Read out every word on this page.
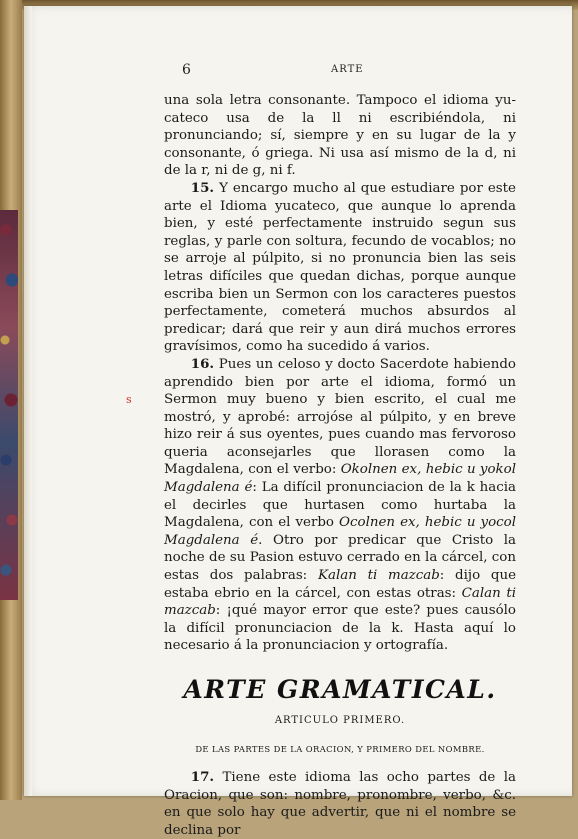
6	ARTE
s

una sola letra consonante. Tampoco el idioma yucateco usa de la ll ni escribiéndola, ni pronunciando; sí, siempre y en su lugar de la y consonante, ó griega. Ni usa así mismo de la d, ni de la r, ni de g, ni f.

15. Y encargo mucho al que estudiare por este arte el Idioma yucateco, que aunque lo aprenda bien, y esté perfectamente instruido segun sus reglas, y parle con soltura, fecundo de vocablos; no se arroje al púlpito, si no pronuncia bien las seis letras difíciles que quedan dichas, porque aunque escriba bien un Sermon con los caracteres puestos perfectamente, cometerá muchos absurdos al predicar; dará que reir y aun dirá muchos errores gravísimos, como ha sucedido á varios.

16. Pues un celoso y docto Sacerdote habiendo aprendido bien por arte el idioma, formó un Sermon muy bueno y bien escrito, el cual me mostró, y aprobé: arrojóse al púlpito, y en breve hizo reir á sus oyentes, pues cuando mas fervoroso queria aconsejarles que llorasen como la Magdalena, con el verbo: Okolnen ex, hebic u yokol Magdalena é: La difícil pronunciacion de la k hacia el decirles que hurtasen como hurtaba la Magdalena, con el verbo Ocolnen ex, hebic u yocol Magdalena é. Otro por predicar que Cristo la noche de su Pasion estuvo cerrado en la cárcel, con estas dos palabras: Kalan ti mazcab: dijo que estaba ebrio en la cárcel, con estas otras: Calan ti mazcab: ¡qué mayor error que este? pues causólo la difícil pronunciacion de la k. Hasta aquí lo necesario á la pronunciacion y ortografía.

ARTE GRAMATICAL.
ARTICULO PRIMERO.
DE LAS PARTES DE LA ORACION, Y PRIMERO DEL NOMBRE.

17. Tiene este idioma las ocho partes de la Oracion, que son: nombre, pronombre, verbo, &c. en que solo hay que advertir, que ni el nombre se declina por
